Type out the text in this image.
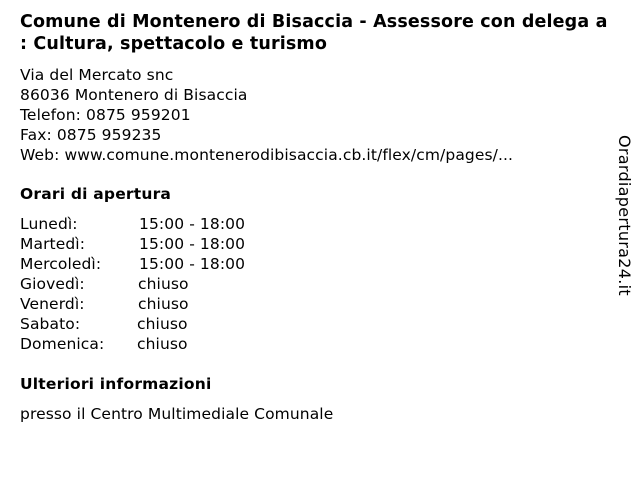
Comune di Montenero di Bisaccia - Assessore con delega a : Cultura, spettacolo e turismo
Via del Mercato snc
86036 Montenero di Bisaccia
Telefon: 0875 959201
Fax: 0875 959235
Web: www.comune.montenerodibisaccia.cb.it/flex/cm/pages/...
Orari di apertura
Lunedì:	15:00 - 18:00
Martedì:	15:00 - 18:00
Mercoledì: 15:00 - 18:00
Giovedì:	chiuso
Venerdì:	chiuso
Sabato:	chiuso
Domenica: chiuso
Ulteriori informazioni

presso il Centro Multimediale Comunale

Orardiapertura24.it
